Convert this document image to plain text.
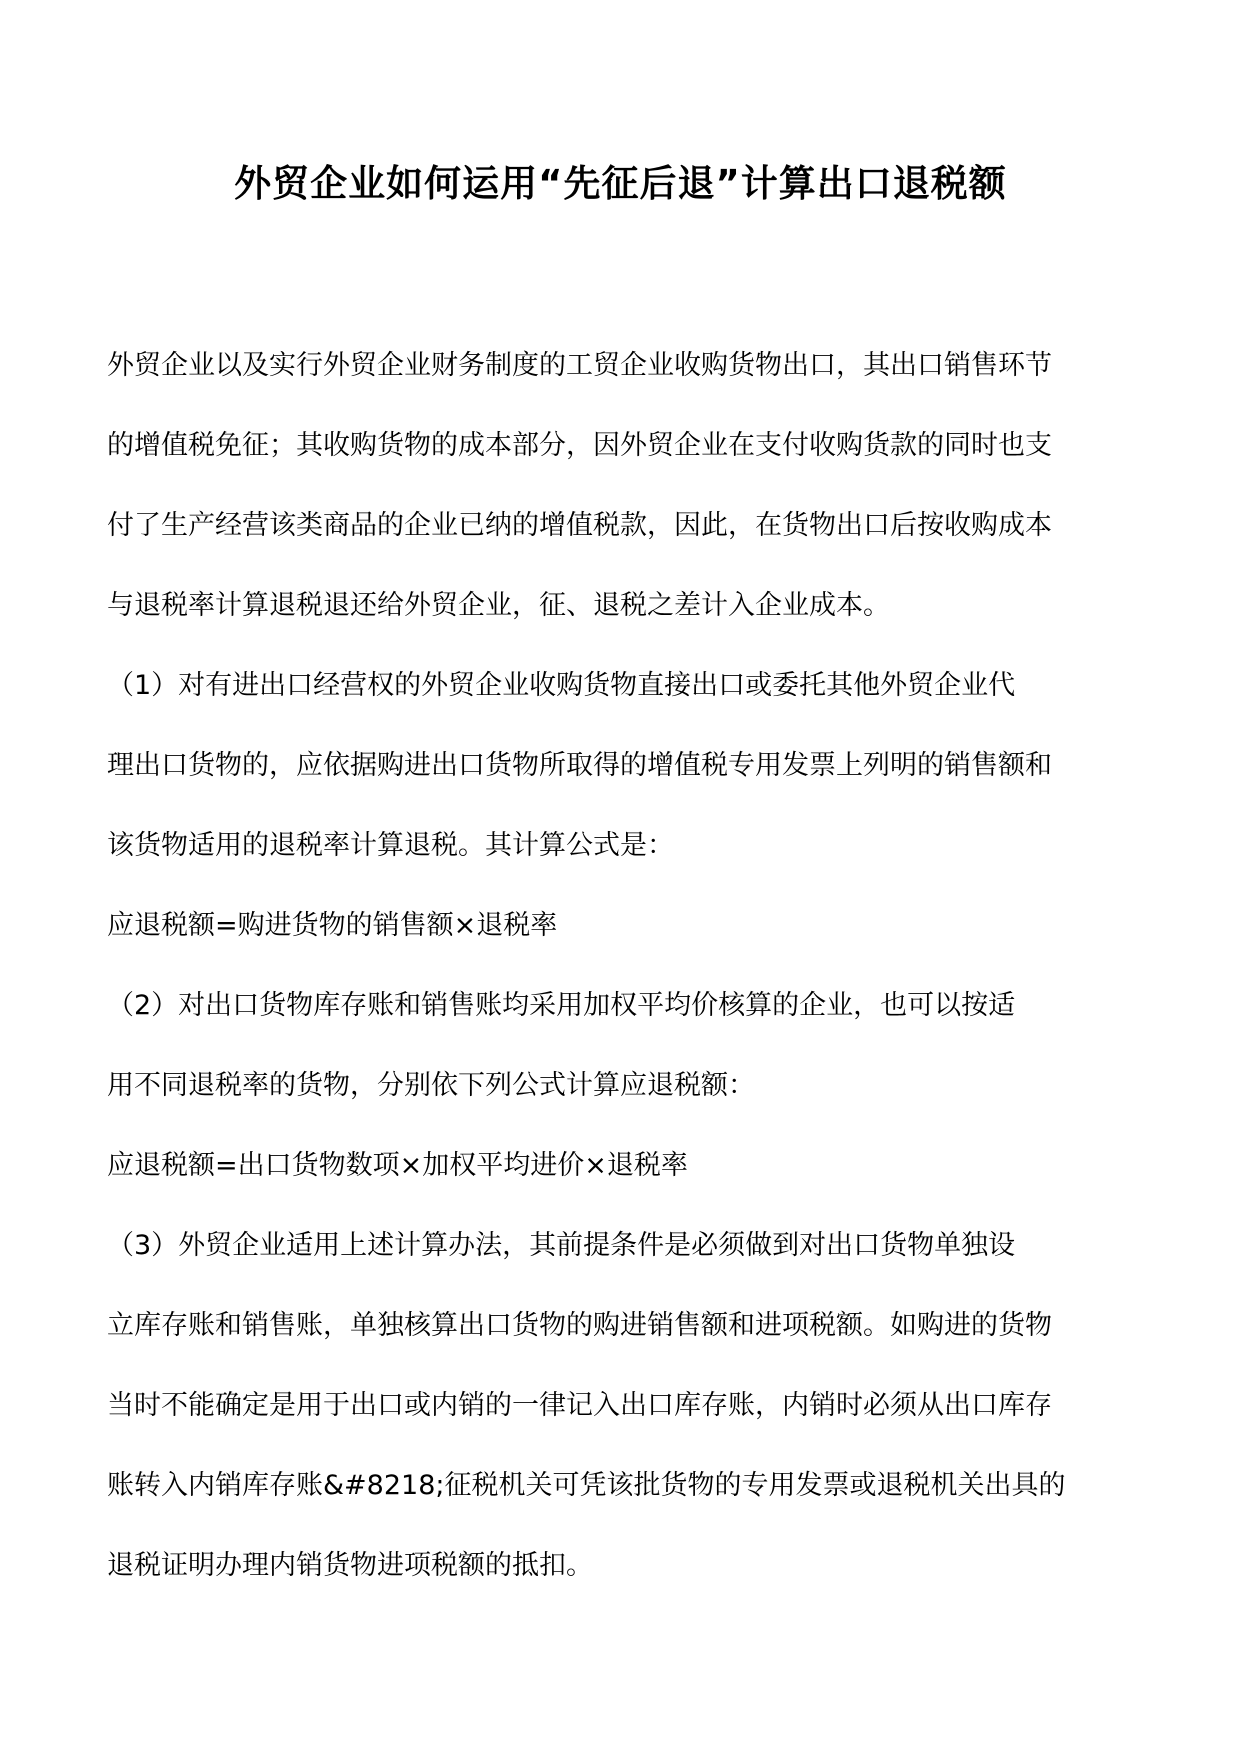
外贸企业如何运用“先征后退”计算出口退税额

外贸企业以及实行外贸企业财务制度的工贸企业收购货物出口，其出口销售环节

的增值税免征；其收购货物的成本部分，因外贸企业在支付收购货款的同时也支

付了生产经营该类商品的企业已纳的增值税款，因此，在货物出口后按收购成本

与退税率计算退税退还给外贸企业，征、退税之差计入企业成本。

（1）对有进出口经营权的外贸企业收购货物直接出口或委托其他外贸企业代

理出口货物的，应依据购进出口货物所取得的增值税专用发票上列明的销售额和

该货物适用的退税率计算退税。其计算公式是：

应退税额=购进货物的销售额×退税率

（2）对出口货物库存账和销售账均采用加权平均价核算的企业，也可以按适

用不同退税率的货物，分别依下列公式计算应退税额：

应退税额=出口货物数项×加权平均进价×退税率

（3）外贸企业适用上述计算办法，其前提条件是必须做到对出口货物单独设

立库存账和销售账，单独核算出口货物的购进销售额和进项税额。如购进的货物

当时不能确定是用于出口或内销的一律记入出口库存账，内销时必须从出口库存

账转入内销库存账&#8218;征税机关可凭该批货物的专用发票或退税机关出具的

退税证明办理内销货物进项税额的抵扣。
